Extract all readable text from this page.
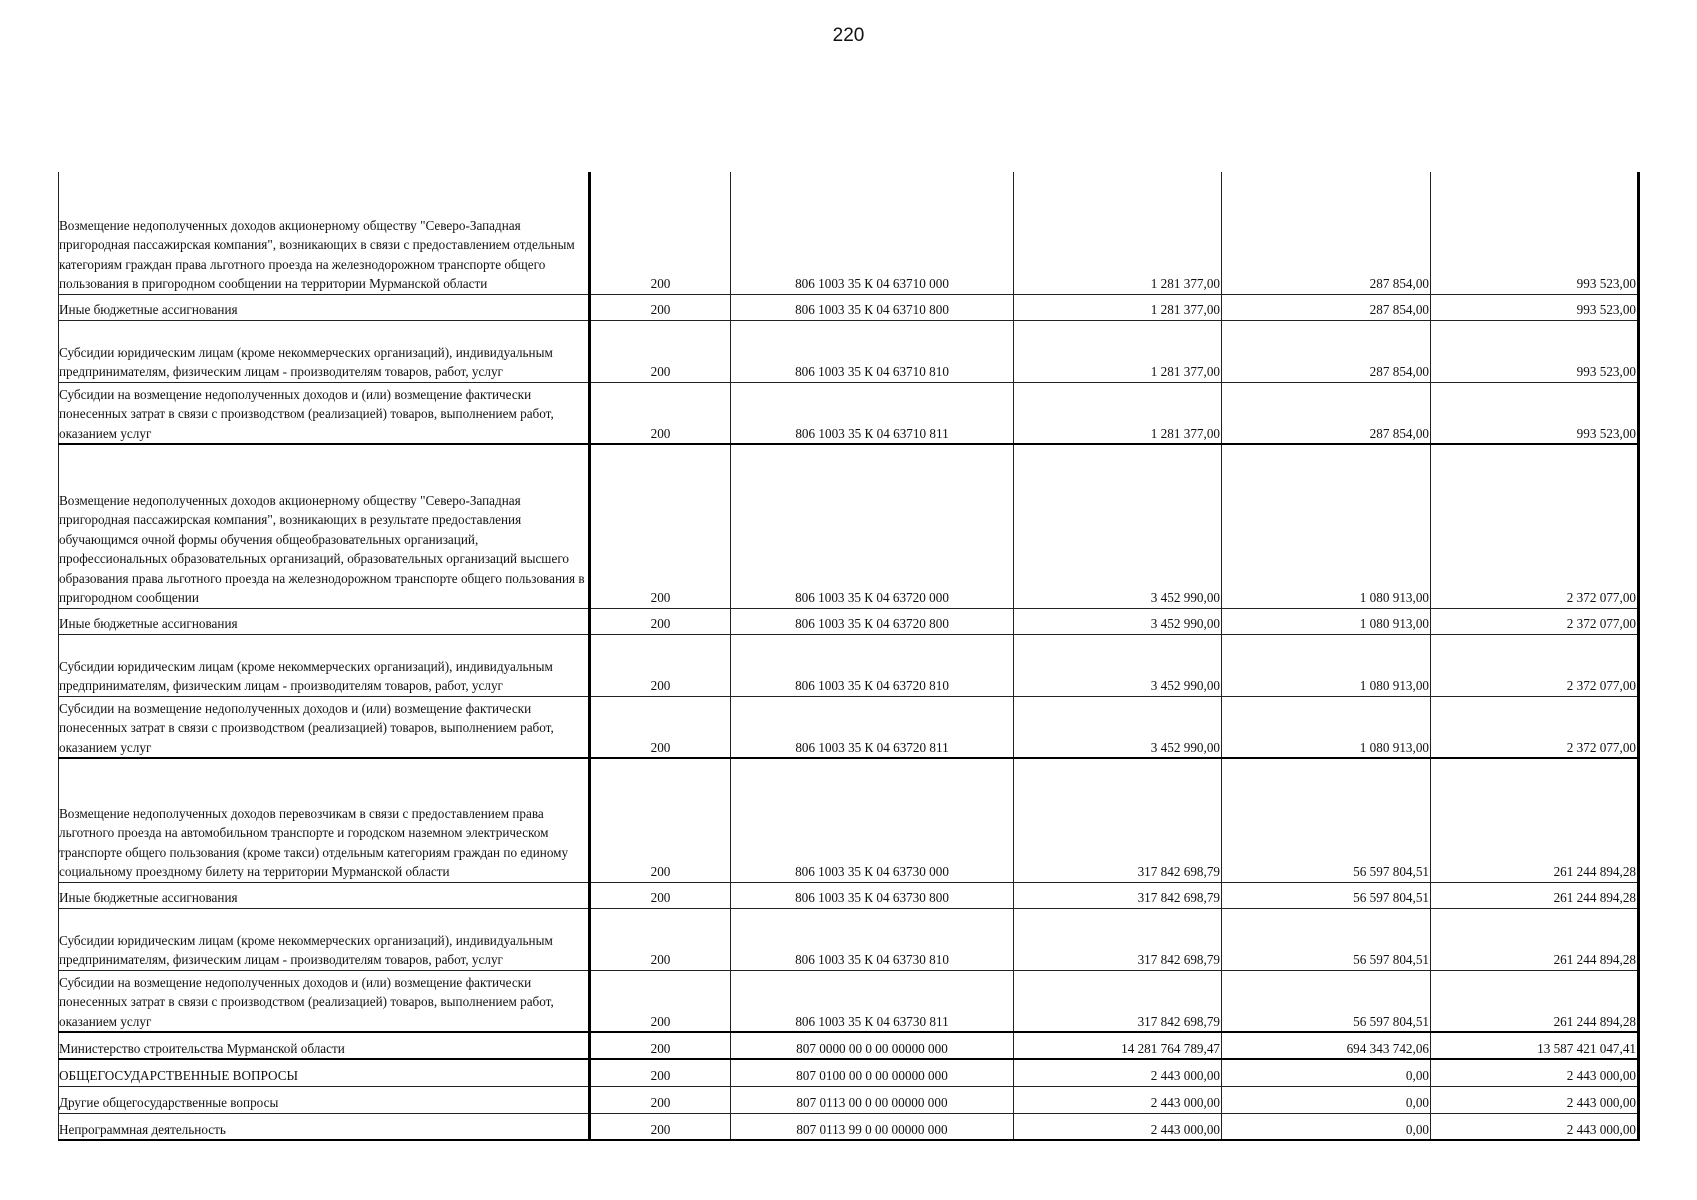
220
Возмещение недополученных доходов акционерному обществу "Северо-Западная пригородная пассажирская компания", возникающих в связи с предоставлением отдельным категориям граждан права льготного проезда на железнодорожном транспорте общего пользования в пригородном сообщении на территории Мурманской области	200	806 1003 35 К 04 63710 000	1 281 377,00	287 854,00	993 523,00
Иные бюджетные ассигнования	200	806 1003 35 К 04 63710 800	1 281 377,00	287 854,00	993 523,00
Субсидии юридическим лицам (кроме некоммерческих организаций), индивидуальным предпринимателям, физическим лицам - производителям товаров, работ, услуг	200	806 1003 35 К 04 63710 810	1 281 377,00	287 854,00	993 523,00
Субсидии на возмещение недополученных доходов и (или) возмещение фактически понесенных затрат в связи с производством (реализацией) товаров, выполнением работ, оказанием услуг	200	806 1003 35 К 04 63710 811	1 281 377,00	287 854,00	993 523,00
Возмещение недополученных доходов акционерному обществу "Северо-Западная пригородная пассажирская компания", возникающих в результате предоставления обучающимся очной формы обучения общеобразовательных организаций, профессиональных образовательных организаций, образовательных организаций высшего образования права льготного проезда на железнодорожном транспорте общего пользования в пригородном сообщении	200	806 1003 35 К 04 63720 000	3 452 990,00	1 080 913,00	2 372 077,00
Иные бюджетные ассигнования	200	806 1003 35 К 04 63720 800	3 452 990,00	1 080 913,00	2 372 077,00
Субсидии юридическим лицам (кроме некоммерческих организаций), индивидуальным предпринимателям, физическим лицам - производителям товаров, работ, услуг	200	806 1003 35 К 04 63720 810	3 452 990,00	1 080 913,00	2 372 077,00
Субсидии на возмещение недополученных доходов и (или) возмещение фактически понесенных затрат в связи с производством (реализацией) товаров, выполнением работ, оказанием услуг	200	806 1003 35 К 04 63720 811	3 452 990,00	1 080 913,00	2 372 077,00
Возмещение недополученных доходов перевозчикам в связи с предоставлением права льготного проезда на автомобильном транспорте и городском наземном электрическом транспорте общего пользования (кроме такси) отдельным категориям граждан по единому социальному проездному билету на территории Мурманской области	200	806 1003 35 К 04 63730 000	317 842 698,79	56 597 804,51	261 244 894,28
Иные бюджетные ассигнования	200	806 1003 35 К 04 63730 800	317 842 698,79	56 597 804,51	261 244 894,28
Субсидии юридическим лицам (кроме некоммерческих организаций), индивидуальным предпринимателям, физическим лицам - производителям товаров, работ, услуг	200	806 1003 35 К 04 63730 810	317 842 698,79	56 597 804,51	261 244 894,28
Субсидии на возмещение недополученных доходов и (или) возмещение фактически понесенных затрат в связи с производством (реализацией) товаров, выполнением работ, оказанием услуг	200	806 1003 35 К 04 63730 811	317 842 698,79	56 597 804,51	261 244 894,28
Министерство строительства Мурманской области	200	807 0000 00 0 00 00000 000	14 281 764 789,47	694 343 742,06	13 587 421 047,41
ОБЩЕГОСУДАРСТВЕННЫЕ ВОПРОСЫ	200	807 0100 00 0 00 00000 000	2 443 000,00	0,00	2 443 000,00
Другие общегосударственные вопросы	200	807 0113 00 0 00 00000 000	2 443 000,00	0,00	2 443 000,00
Непрограммная деятельность	200	807 0113 99 0 00 00000 000	2 443 000,00	0,00	2 443 000,00
